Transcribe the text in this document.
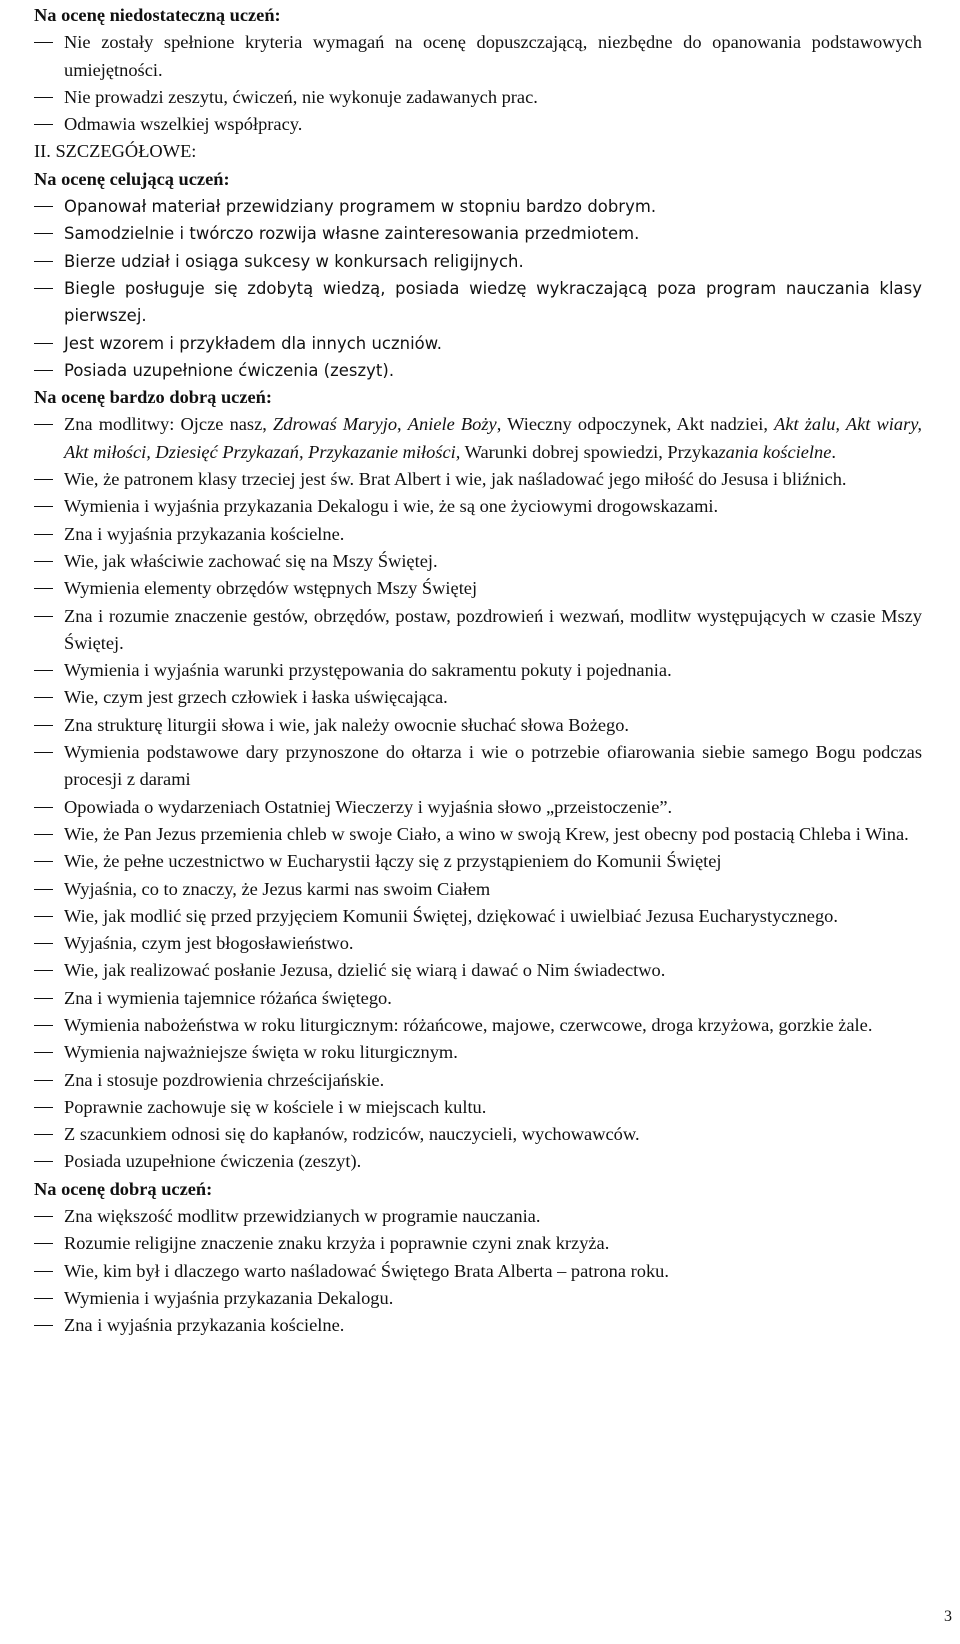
Na ocenę niedostateczną uczeń:

Nie zostały spełnione kryteria wymagań na ocenę dopuszczającą, niezbędne do opanowania podstawowych umiejętności.

Nie prowadzi zeszytu, ćwiczeń, nie wykonuje zadawanych prac.

Odmawia wszelkiej współpracy.

II. SZCZEGÓŁOWE:

Na ocenę celującą uczeń:

Opanował materiał przewidziany programem w stopniu bardzo dobrym.

Samodzielnie i twórczo rozwija własne zainteresowania przedmiotem.

Bierze udział i osiąga sukcesy w konkursach religijnych.

Biegle posługuje się zdobytą wiedzą, posiada wiedzę wykraczającą poza program nauczania klasy pierwszej.

Jest wzorem i przykładem dla innych uczniów.

Posiada uzupełnione ćwiczenia (zeszyt).

Na ocenę bardzo dobrą uczeń:

Zna modlitwy: Ojcze nasz, Zdrowaś Maryjo, Aniele Boży, Wieczny odpoczynek, Akt nadziei, Akt żalu, Akt wiary, Akt miłości, Dziesięć Przykazań, Przykazanie miłości, Warunki dobrej spowiedzi, Przykazania kościelne.

Wie, że patronem klasy trzeciej jest św. Brat Albert i wie, jak naśladować jego miłość do Jesusa i bliźnich.

Wymienia i wyjaśnia przykazania Dekalogu i wie, że są one życiowymi drogowskazami.

Zna i wyjaśnia przykazania kościelne.

Wie, jak właściwie zachować się na Mszy Świętej.

Wymienia elementy obrzędów wstępnych Mszy Świętej

Zna i rozumie znaczenie gestów, obrzędów, postaw, pozdrowień i wezwań, modlitw występujących w czasie Mszy Świętej.

Wymienia i wyjaśnia warunki przystępowania do sakramentu pokuty i pojednania.

Wie, czym jest grzech człowiek i łaska uświęcająca.

Zna strukturę liturgii słowa i wie, jak należy owocnie słuchać słowa Bożego.

Wymienia podstawowe dary przynoszone do ołtarza i wie o potrzebie ofiarowania siebie samego Bogu podczas procesji z darami

Opowiada o wydarzeniach Ostatniej Wieczerzy i wyjaśnia słowo „przeistoczenie”.

Wie, że Pan Jezus przemienia chleb w swoje Ciało, a wino w swoją Krew, jest obecny pod postacią Chleba i Wina.

Wie, że pełne uczestnictwo w Eucharystii łączy się z przystąpieniem do Komunii Świętej

Wyjaśnia, co to znaczy, że Jezus karmi nas swoim Ciałem

Wie, jak modlić się przed przyjęciem Komunii Świętej, dziękować i uwielbiać Jezusa Eucharystycznego.

Wyjaśnia, czym jest błogosławieństwo.

Wie, jak realizować posłanie Jezusa, dzielić się wiarą i dawać o Nim świadectwo.

Zna i wymienia tajemnice różańca świętego.

Wymienia nabożeństwa w roku liturgicznym: różańcowe, majowe, czerwcowe, droga krzyżowa, gorzkie żale.

Wymienia najważniejsze święta w roku liturgicznym.

Zna i stosuje pozdrowienia chrześcijańskie.

Poprawnie zachowuje się w kościele i w miejscach kultu.

Z szacunkiem odnosi się do kapłanów, rodziców, nauczycieli, wychowawców.

Posiada uzupełnione ćwiczenia (zeszyt).

Na ocenę dobrą uczeń:

Zna większość modlitw przewidzianych w programie nauczania.

Rozumie religijne znaczenie znaku krzyża i poprawnie czyni znak krzyża.

Wie, kim był i dlaczego warto naśladować Świętego Brata Alberta – patrona roku.

Wymienia i wyjaśnia przykazania Dekalogu.

Zna i wyjaśnia przykazania kościelne.

3
